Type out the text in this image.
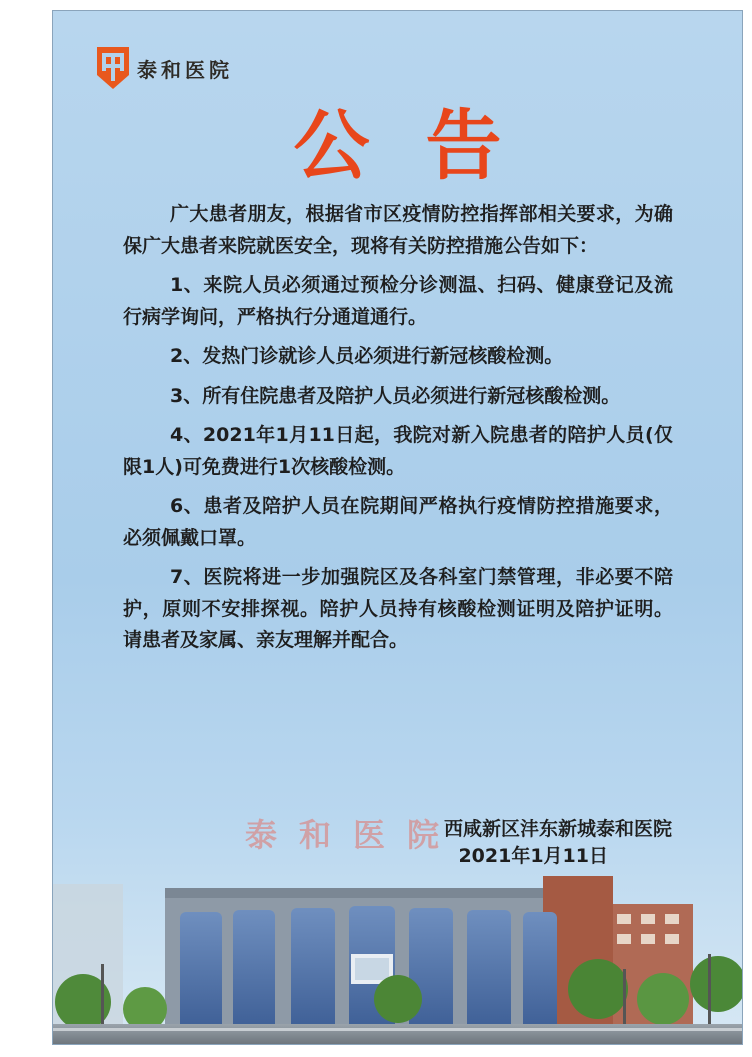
泰和医院
公告

广大患者朋友，根据省市区疫情防控指挥部相关要求，为确保广大患者来院就医安全，现将有关防控措施公告如下：

1、来院人员必须通过预检分诊测温、扫码、健康登记及流行病学询问，严格执行分通道通行。

2、发热门诊就诊人员必须进行新冠核酸检测。

3、所有住院患者及陪护人员必须进行新冠核酸检测。

4、2021年1月11日起，我院对新入院患者的陪护人员(仅限1人)可免费进行1次核酸检测。

6、患者及陪护人员在院期间严格执行疫情防控措施要求，必须佩戴口罩。

7、医院将进一步加强院区及各科室门禁管理，非必要不陪护，原则不安排探视。陪护人员持有核酸检测证明及陪护证明。请患者及家属、亲友理解并配合。

泰和医院
西咸新区沣东新城泰和医院
2021年1月11日
